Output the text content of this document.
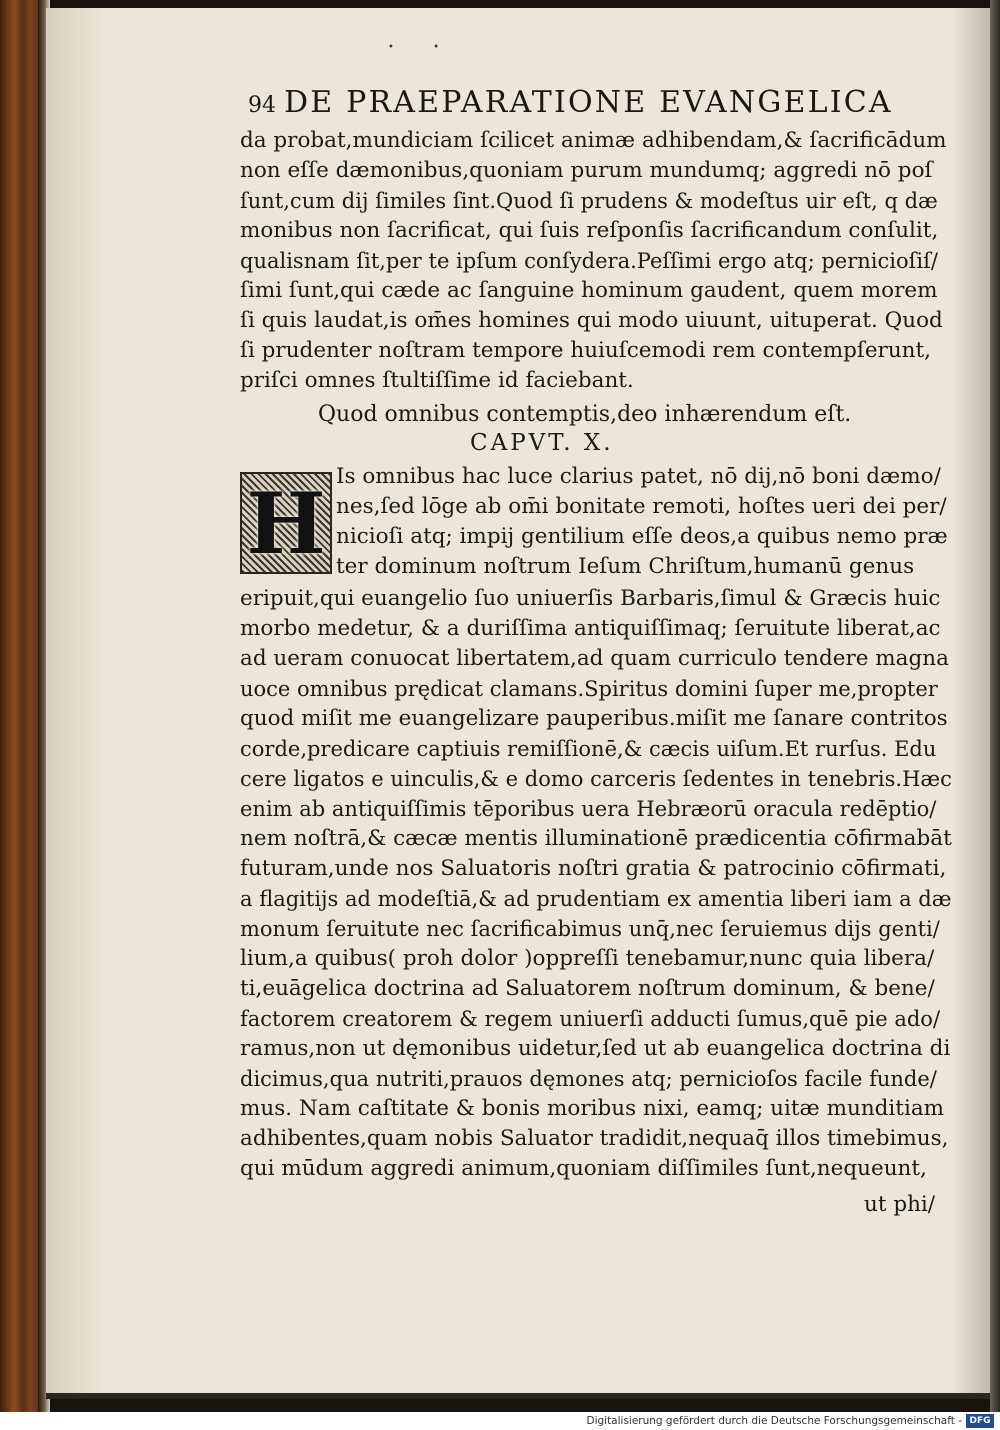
• •
94 DE PRAEPARATIONE EVANGELICA
da probat,mundiciam ſcilicet animæ adhibendam,& ſacrificādum
non eſſe dæmonibus,quoniam purum mundumq; aggredi nō poſ
ſunt,cum dij ſimiles ſint.Quod ſi prudens & modeſtus uir eſt, q dæ
monibus non ſacrificat, qui ſuis reſponſis ſacrificandum conſulit,
qualisnam ſit,per te ipſum conſydera.Peſſimi ergo atq; pernicioſiſ/
ſimi ſunt,qui cæde ac ſanguine hominum gaudent, quem morem
ſi quis laudat,is om̄es homines qui modo uiuunt, uituperat. Quod
ſi prudenter noſtram tempore huiuſcemodi rem contempſerunt,
priſci omnes ſtultiſſime id faciebant.
Quod omnibus contemptis,deo inhærendum eſt.
CAPVT. X.
H Is omnibus hac luce clarius patet, nō dij,nō boni dæmo/
nes,ſed lōge ab om̄i bonitate remoti, hoſtes ueri dei per/
nicioſi atq; impij gentilium eſſe deos,a quibus nemo præ
ter dominum noſtrum Ieſum Chriſtum,humanū genus
eripuit,qui euangelio ſuo uniuerſis Barbaris,ſimul & Græcis huic
morbo medetur, & a duriſſima antiquiſſimaq; ſeruitute liberat,ac
ad ueram conuocat libertatem,ad quam curriculo tendere magna
uoce omnibus prędicat clamans.Spiritus domini ſuper me,propter
quod miſit me euangelizare pauperibus.miſit me ſanare contritos
corde,predicare captiuis remiſſionē,& cæcis uiſum.Et rurſus. Edu
cere ligatos e uinculis,& e domo carceris ſedentes in tenebris.Hæc
enim ab antiquiſſimis tēporibus uera Hebræorū oracula redēptio/
nem noſtrā,& cæcæ mentis illuminationē prædicentia cōfirmabāt
futuram,unde nos Saluatoris noſtri gratia & patrocinio cōfirmati,
a flagitijs ad modeſtiā,& ad prudentiam ex amentia liberi iam a dæ
monum ſeruitute nec ſacrificabimus unq̄,nec ſeruiemus dijs genti/
lium,a quibus( proh dolor )oppreſſi tenebamur,nunc quia libera/
ti,euāgelica doctrina ad Saluatorem noſtrum dominum, & bene/
factorem creatorem & regem uniuerſi adducti ſumus,quē pie ado/
ramus,non ut dęmonibus uidetur,ſed ut ab euangelica doctrina di
dicimus,qua nutriti,prauos dęmones atq; pernicioſos facile funde/
mus. Nam caſtitate & bonis moribus nixi, eamq; uitæ munditiam
adhibentes,quam nobis Saluator tradidit,nequaq̄ illos timebimus,
qui mūdum aggredi animum,quoniam diſſimiles ſunt,nequeunt,
ut phi/
Digitalisierung gefördert durch die Deutsche Forschungsgemeinschaft - DFG
